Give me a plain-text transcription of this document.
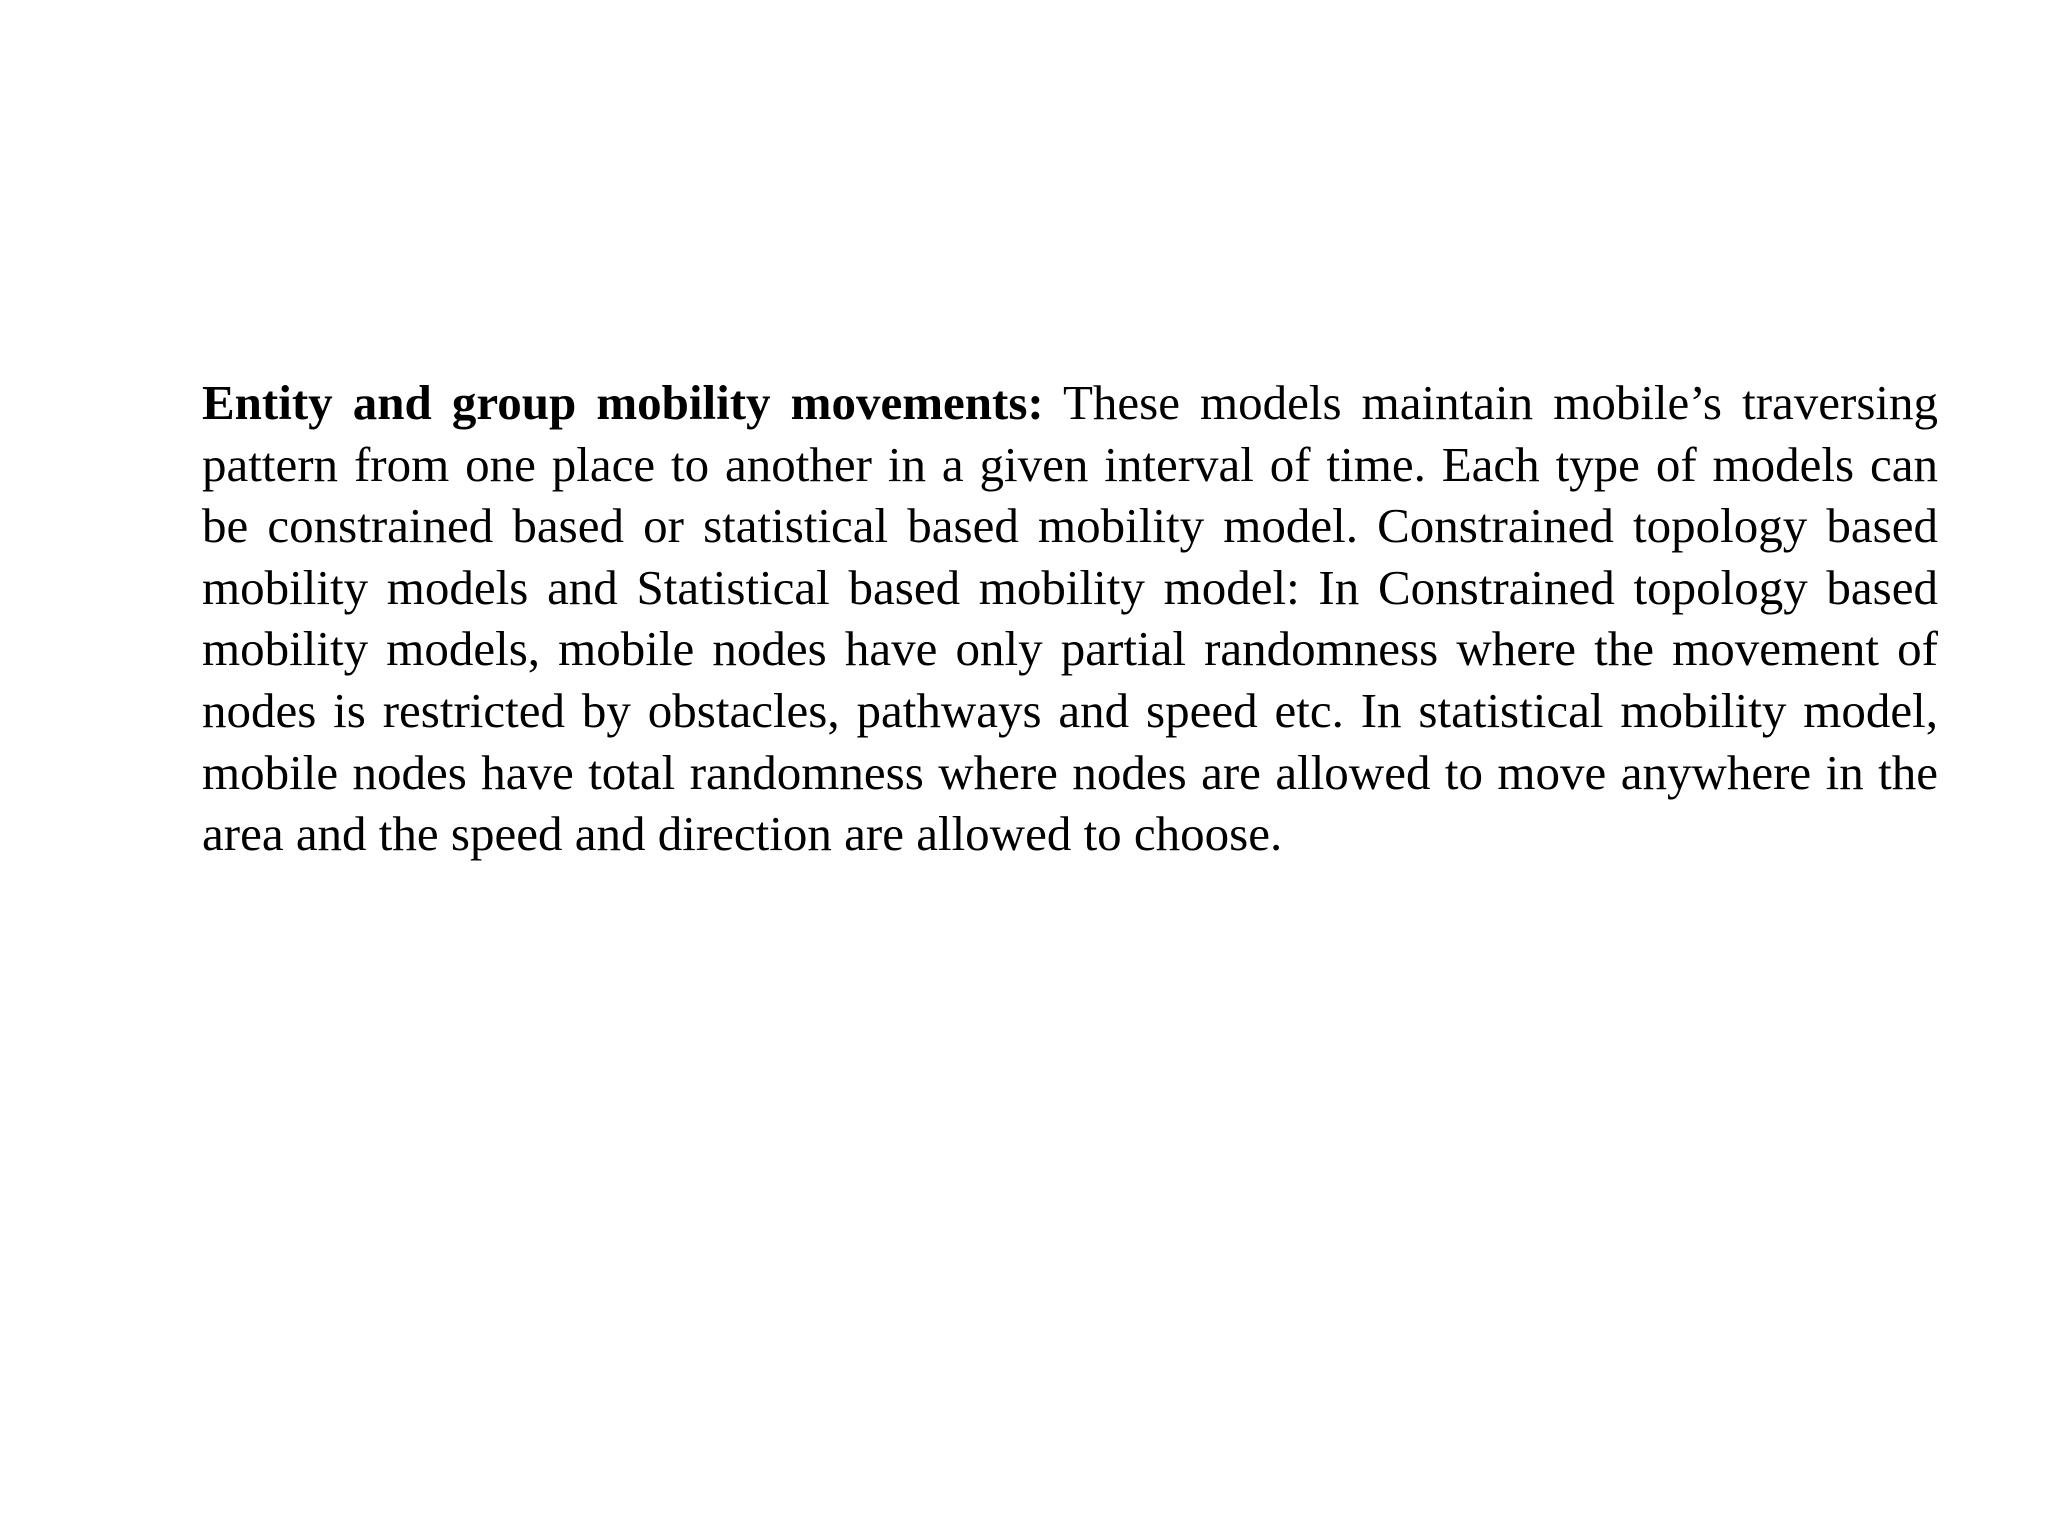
Entity and group mobility movements: These models maintain mobile’s traversing pattern from one place to another in a given interval of time. Each type of models can be constrained based or statistical based mobility model. Constrained topology based mobility models and Statistical based mobility model: In Constrained topology based mobility models, mobile nodes have only partial randomness where the movement of nodes is restricted by obstacles, pathways and speed etc. In statistical mobility model, mobile nodes have total randomness where nodes are allowed to move anywhere in the area and the speed and direction are allowed to choose.
